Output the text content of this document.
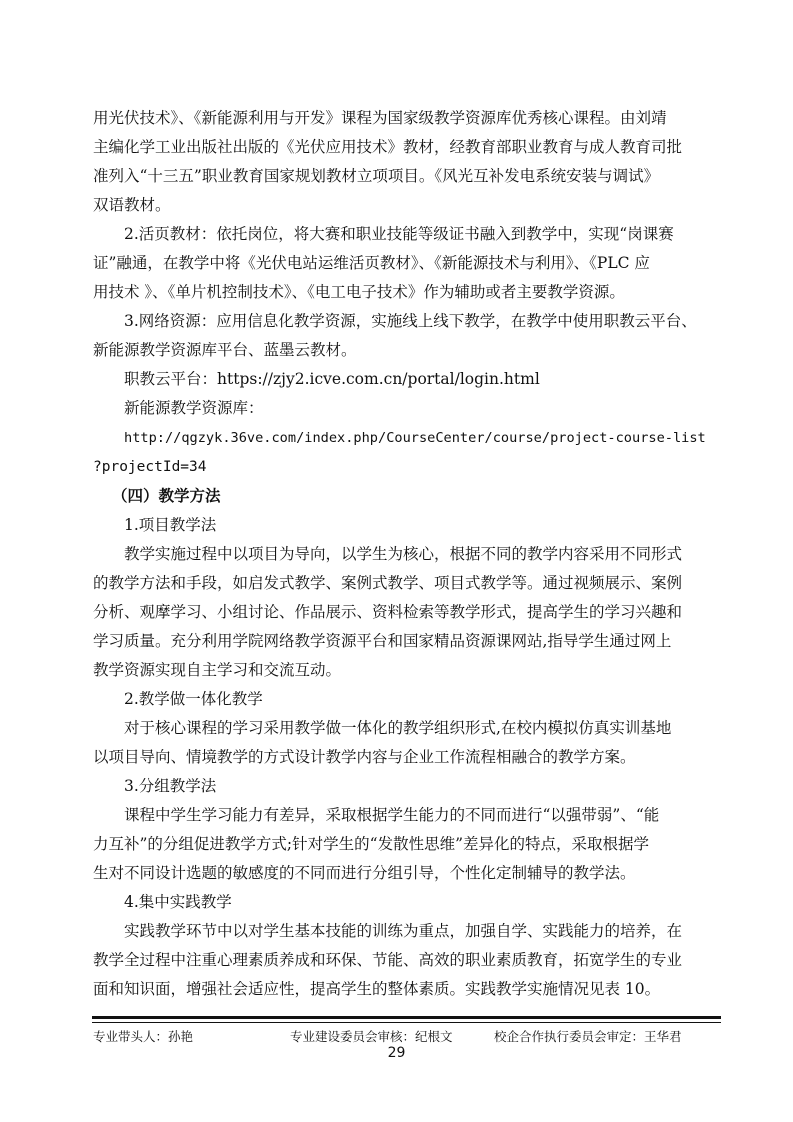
用光伏技术》、《新能源利用与开发》课程为国家级教学资源库优秀核心课程。由刘靖
主编化学工业出版社出版的《光伏应用技术》教材，经教育部职业教育与成人教育司批
准列入“十三五”职业教育国家规划教材立项项目。《风光互补发电系统安装与调试》
双语教材。
2.活页教材：依托岗位，将大赛和职业技能等级证书融入到教学中，实现“岗课赛
证”融通，在教学中将《光伏电站运维活页教材》、《新能源技术与利用》、《PLC 应
用技术 》、《单片机控制技术》、《电工电子技术》作为辅助或者主要教学资源。
3.网络资源：应用信息化教学资源，实施线上线下教学，在教学中使用职教云平台、
新能源教学资源库平台、蓝墨云教材。
职教云平台：https://zjy2.icve.com.cn/portal/login.html
新能源教学资源库：
http://qgzyk.36ve.com/index.php/CourseCenter/course/project-course-list
?projectId=34
（四）教学方法
1.项目教学法
教学实施过程中以项目为导向，以学生为核心，根据不同的教学内容采用不同形式
的教学方法和手段，如启发式教学、案例式教学、项目式教学等。通过视频展示、案例
分析、观摩学习、小组讨论、作品展示、资料检索等教学形式，提高学生的学习兴趣和
学习质量。充分利用学院网络教学资源平台和国家精品资源课网站,指导学生通过网上
教学资源实现自主学习和交流互动。
2.教学做一体化教学
对于核心课程的学习采用教学做一体化的教学组织形式,在校内模拟仿真实训基地
以项目导向、情境教学的方式设计教学内容与企业工作流程相融合的教学方案。
3.分组教学法
课程中学生学习能力有差异，采取根据学生能力的不同而进行“以强带弱”、“能
力互补”的分组促进教学方式;针对学生的“发散性思维”差异化的特点，采取根据学
生对不同设计选题的敏感度的不同而进行分组引导，个性化定制辅导的教学法。
4.集中实践教学
实践教学环节中以对学生基本技能的训练为重点，加强自学、实践能力的培养，在
教学全过程中注重心理素质养成和环保、节能、高效的职业素质教育，拓宽学生的专业
面和知识面，增强社会适应性，提高学生的整体素质。实践教学实施情况见表 10。
专业带头人：孙艳	专业建设委员会审核：纪根文	校企合作执行委员会审定：王华君
29
